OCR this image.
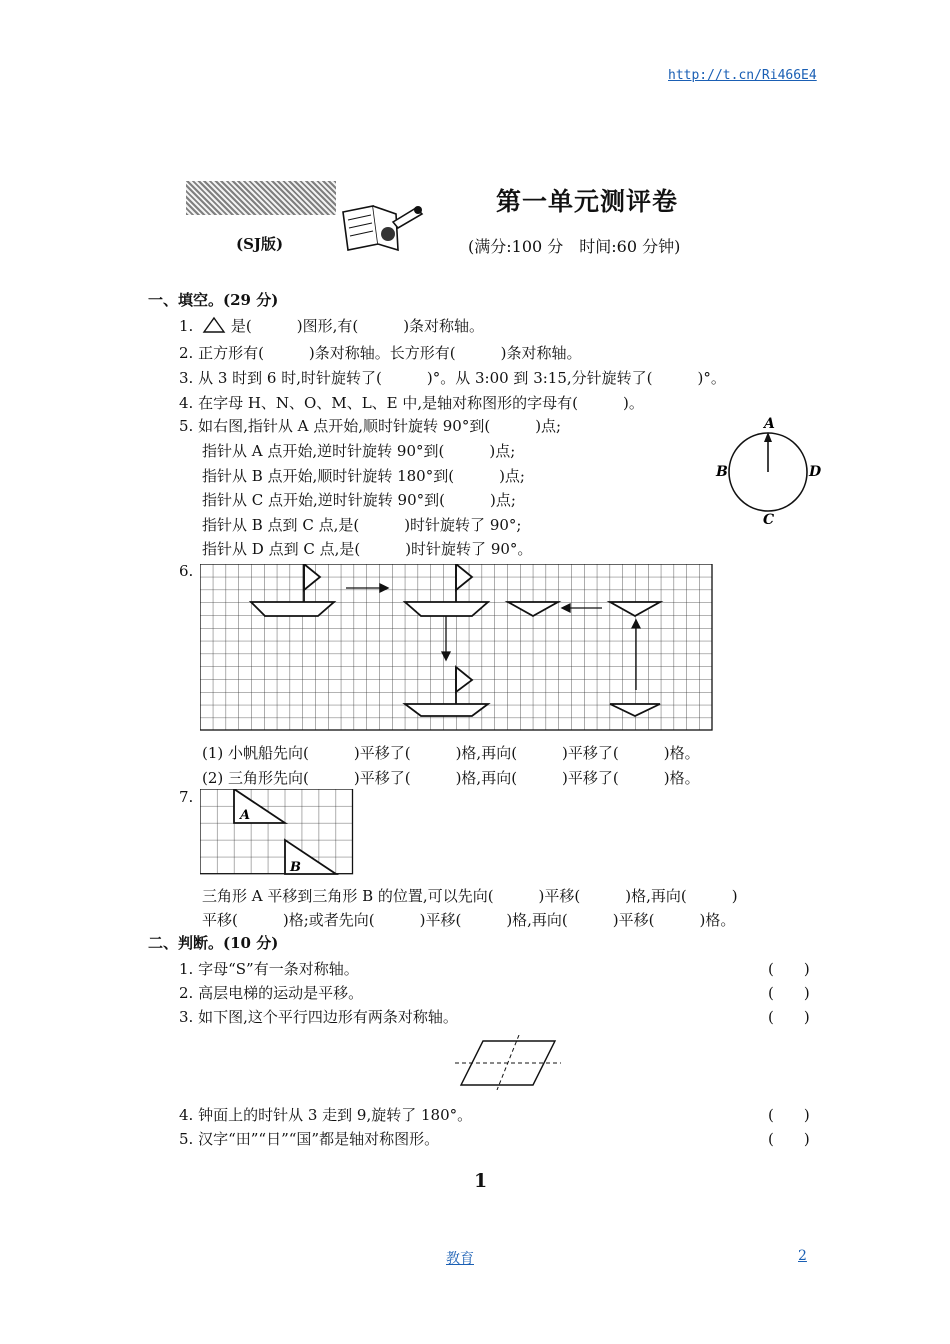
http://t.cn/Ri466E4
(SJ版)
第一单元测评卷
(满分:100 分　时间:60 分钟)
一、填空。(29 分)
1.	是(　　　)图形,有(　　　)条对称轴。
2. 正方形有(　　　)条对称轴。长方形有(　　　)条对称轴。
3. 从 3 时到 6 时,时针旋转了(　　　)°。从 3:00 到 3:15,分针旋转了(　　　)°。
4. 在字母 H、N、O、M、L、E 中,是轴对称图形的字母有(　　　)。
5. 如右图,指针从 A 点开始,顺时针旋转 90°到(　　　)点;
指针从 A 点开始,逆时针旋转 90°到(　　　)点;
指针从 B 点开始,顺时针旋转 180°到(　　　)点;
指针从 C 点开始,逆时针旋转 90°到(　　　)点;
指针从 B 点到 C 点,是(　　　)时针旋转了 90°;
指针从 D 点到 C 点,是(　　　)时针旋转了 90°。
A
B	D
C
6.
(1) 小帆船先向(　　　)平移了(　　　)格,再向(　　　)平移了(　　　)格。
(2) 三角形先向(　　　)平移了(　　　)格,再向(　　　)平移了(　　　)格。
7.
A
B
三角形 A 平移到三角形 B 的位置,可以先向(　　　)平移(　　　)格,再向(　　　)
平移(　　　)格;或者先向(　　　)平移(　　　)格,再向(　　　)平移(　　　)格。
二、判断。(10 分)
1. 字母“S”有一条对称轴。	(　　)
2. 高层电梯的运动是平移。	(　　)
3. 如下图,这个平行四边形有两条对称轴。	(　　)
4. 钟面上的时针从 3 走到 9,旋转了 180°。	(　　)
5. 汉字“田”“日”“国”都是轴对称图形。	(　　)
1
教育	2
